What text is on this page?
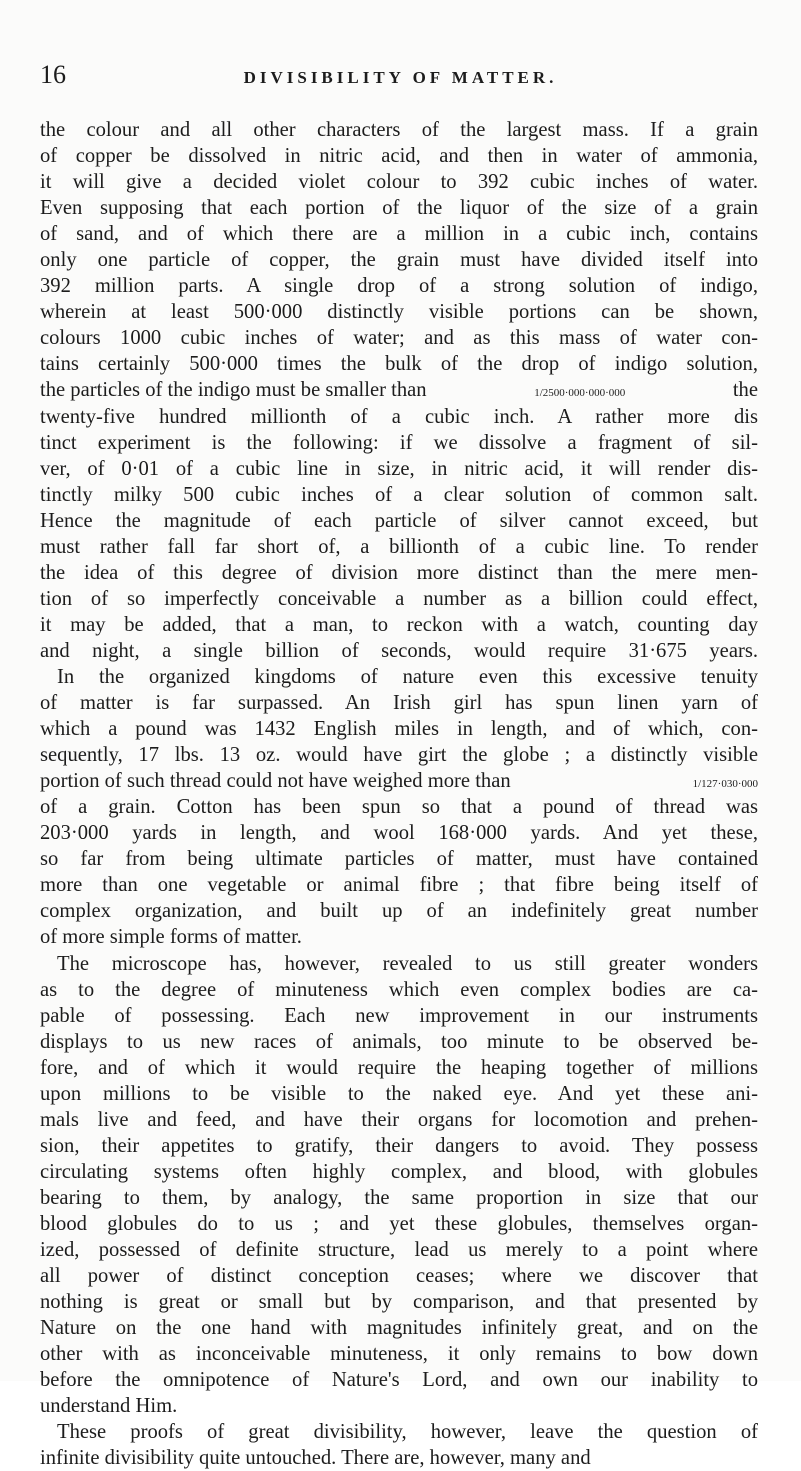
16	DIVISIBILITY OF MATTER.
the colour and all other characters of the largest mass. If a grain
of copper be dissolved in nitric acid, and then in water of ammonia,
it will give a decided violet colour to 392 cubic inches of water.
Even supposing that each portion of the liquor of the size of a grain
of sand, and of which there are a million in a cubic inch, contains
only one particle of copper, the grain must have divided itself into
392 million parts. A single drop of a strong solution of indigo,
wherein at least 500·000 distinctly visible portions can be shown,
colours 1000 cubic inches of water; and as this mass of water con-
tains certainly 500·000 times the bulk of the drop of indigo solution,
the particles of the indigo must be smaller than	1/2500·000·000·000	the
twenty-five hundred millionth of a cubic inch. A rather more dis
tinct experiment is the following: if we dissolve a fragment of sil-
ver, of 0·01 of a cubic line in size, in nitric acid, it will render dis-
tinctly milky 500 cubic inches of a clear solution of common salt.
Hence the magnitude of each particle of silver cannot exceed, but
must rather fall far short of, a billionth of a cubic line. To render
the idea of this degree of division more distinct than the mere men-
tion of so imperfectly conceivable a number as a billion could effect,
it may be added, that a man, to reckon with a watch, counting day
and night, a single billion of seconds, would require 31·675 years.
In the organized kingdoms of nature even this excessive tenuity
of matter is far surpassed. An Irish girl has spun linen yarn of
which a pound was 1432 English miles in length, and of which, con-
sequently, 17 lbs. 13 oz. would have girt the globe ; a distinctly visible
portion of such thread could not have weighed more than	1/127·030·000
of a grain. Cotton has been spun so that a pound of thread was
203·000 yards in length, and wool 168·000 yards. And yet these,
so far from being ultimate particles of matter, must have contained
more than one vegetable or animal fibre ; that fibre being itself of
complex organization, and built up of an indefinitely great number
of more simple forms of matter.
The microscope has, however, revealed to us still greater wonders
as to the degree of minuteness which even complex bodies are ca-
pable of possessing. Each new improvement in our instruments
displays to us new races of animals, too minute to be observed be-
fore, and of which it would require the heaping together of millions
upon millions to be visible to the naked eye. And yet these ani-
mals live and feed, and have their organs for locomotion and prehen-
sion, their appetites to gratify, their dangers to avoid. They possess
circulating systems often highly complex, and blood, with globules
bearing to them, by analogy, the same proportion in size that our
blood globules do to us ; and yet these globules, themselves organ-
ized, possessed of definite structure, lead us merely to a point where
all power of distinct conception ceases; where we discover that
nothing is great or small but by comparison, and that presented by
Nature on the one hand with magnitudes infinitely great, and on the
other with as inconceivable minuteness, it only remains to bow down
before the omnipotence of Nature's Lord, and own our inability to
understand Him.
These proofs of great divisibility, however, leave the question of
infinite divisibility quite untouched. There are, however, many and
